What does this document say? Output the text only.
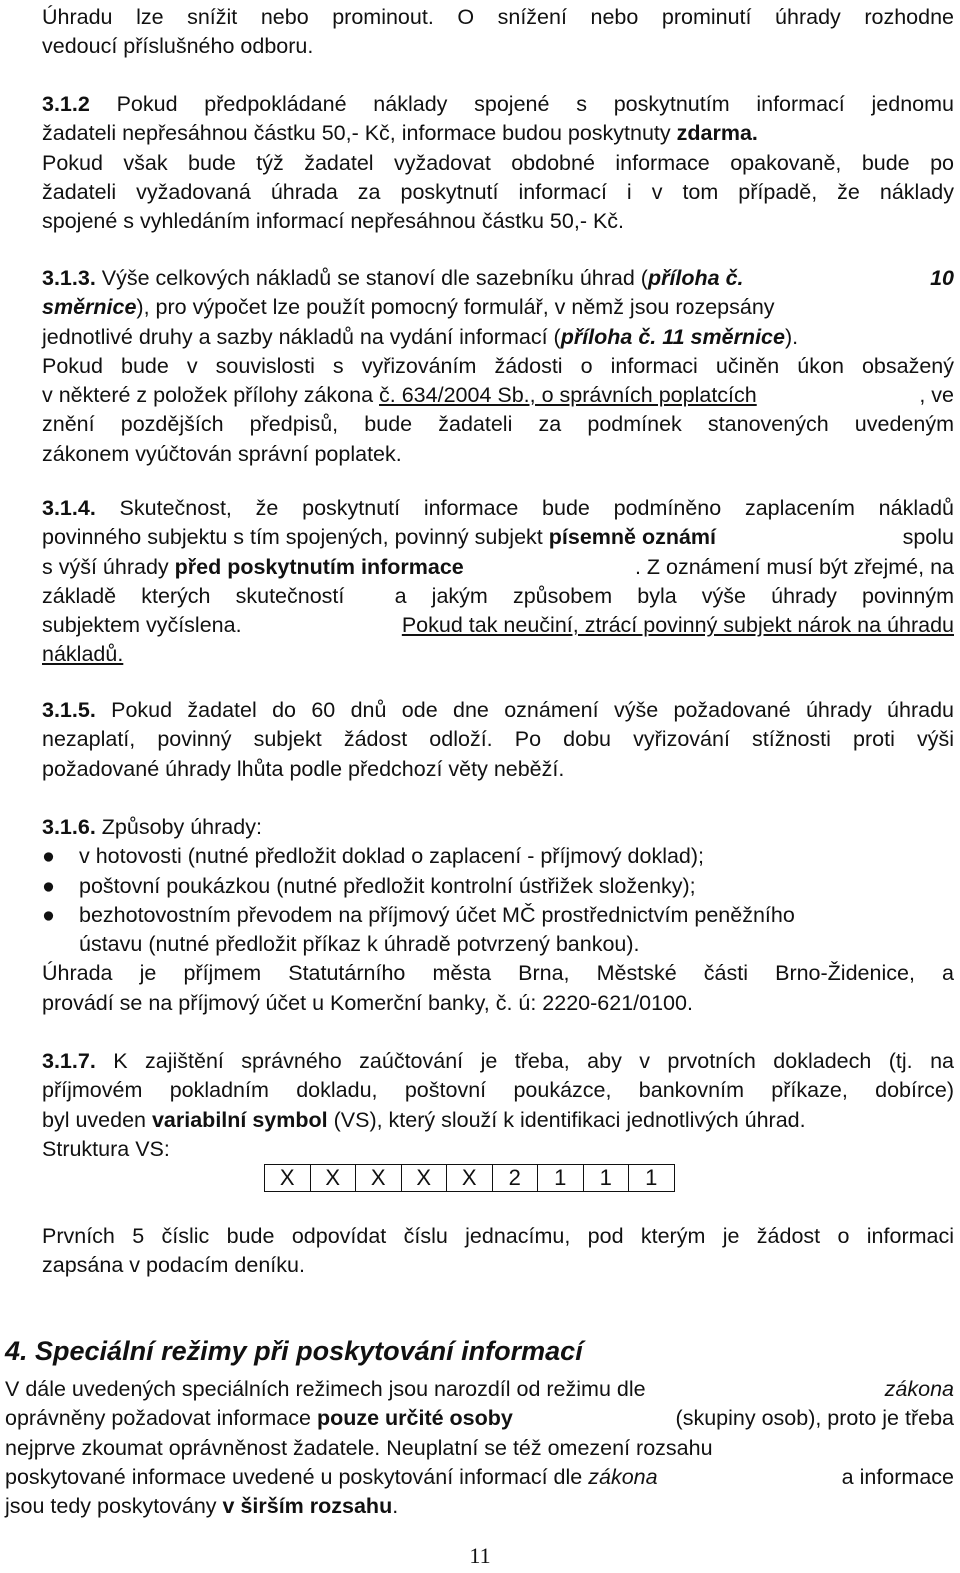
Úhradu lze snížit nebo prominout. O snížení nebo prominutí úhrady rozhodne
vedoucí příslušného odboru.
3.1.2 Pokud předpokládané náklady spojené s poskytnutím informací jednomu
žadateli nepřesáhnou částku 50,- Kč, informace budou poskytnuty zdarma.
Pokud však bude týž žadatel vyžadovat obdobné informace opakovaně, bude po
žadateli vyžadovaná úhrada za poskytnutí informací i v tom případě, že náklady
spojené s vyhledáním informací nepřesáhnou částku 50,- Kč.
3.1.3. Výše celkových nákladů se stanoví dle sazebníku úhrad (příloha č.	10
směrnice), pro výpočet lze použít pomocný formulář, v němž jsou rozepsány
jednotlivé druhy a sazby nákladů na vydání informací (příloha č. 11 směrnice).
Pokud bude v souvislosti s vyřizováním žádosti o informaci učiněn úkon obsažený
v některé z položek přílohy zákona č. 634/2004 Sb., o správních poplatcích	, ve
znění pozdějších předpisů, bude žadateli za podmínek stanovených uvedeným
zákonem vyúčtován správní poplatek.
3.1.4. Skutečnost, že poskytnutí informace bude podmíněno zaplacením nákladů
povinného subjektu s tím spojených, povinný subjekt písemně oznámí	spolu
s výší úhrady před poskytnutím informace	. Z oznámení musí být zřejmé, na
základě kterých skutečností  a jakým způsobem byla výše úhrady povinným
subjektem vyčíslena.	Pokud tak neučiní, ztrácí povinný subjekt nárok na úhradu
nákladů.
3.1.5. Pokud žadatel do 60 dnů ode dne oznámení výše požadované úhrady úhradu
nezaplatí, povinný subjekt žádost odloží. Po dobu vyřizování stížnosti proti výši
požadované úhrady lhůta podle předchozí věty neběží.
3.1.6. Způsoby úhrady:
●	v hotovosti (nutné předložit doklad o zaplacení - příjmový doklad);
●	poštovní poukázkou (nutné předložit kontrolní ústřižek složenky);
●	bezhotovostním převodem na příjmový účet MČ prostřednictvím peněžního
ústavu (nutné předložit příkaz k úhradě potvrzený bankou).
Úhrada je příjmem Statutárního města Brna, Městské části Brno-Židenice, a
provádí se na příjmový účet u Komerční banky, č. ú: 2220-621/0100.
3.1.7. K zajištění správného zaúčtování je třeba, aby v prvotních dokladech (tj. na
příjmovém pokladním dokladu, poštovní poukázce, bankovním příkaze, dobírce)
byl uveden variabilní symbol (VS), který slouží k identifikaci jednotlivých úhrad.
Struktura VS:
X	X	X	X	X	2	1	1	1
Prvních 5 číslic bude odpovídat číslu jednacímu, pod kterým je žádost o informaci
zapsána v podacím deníku.
4. Speciální režimy při poskytování informací
V dále uvedených speciálních režimech jsou narozdíl od režimu dle	zákona
oprávněny požadovat informace pouze určité osoby	(skupiny osob), proto je třeba
nejprve zkoumat oprávněnost žadatele. Neuplatní se též omezení rozsahu
poskytované informace uvedené u poskytování informací dle zákona	a informace
jsou tedy poskytovány v širším rozsahu.
11
